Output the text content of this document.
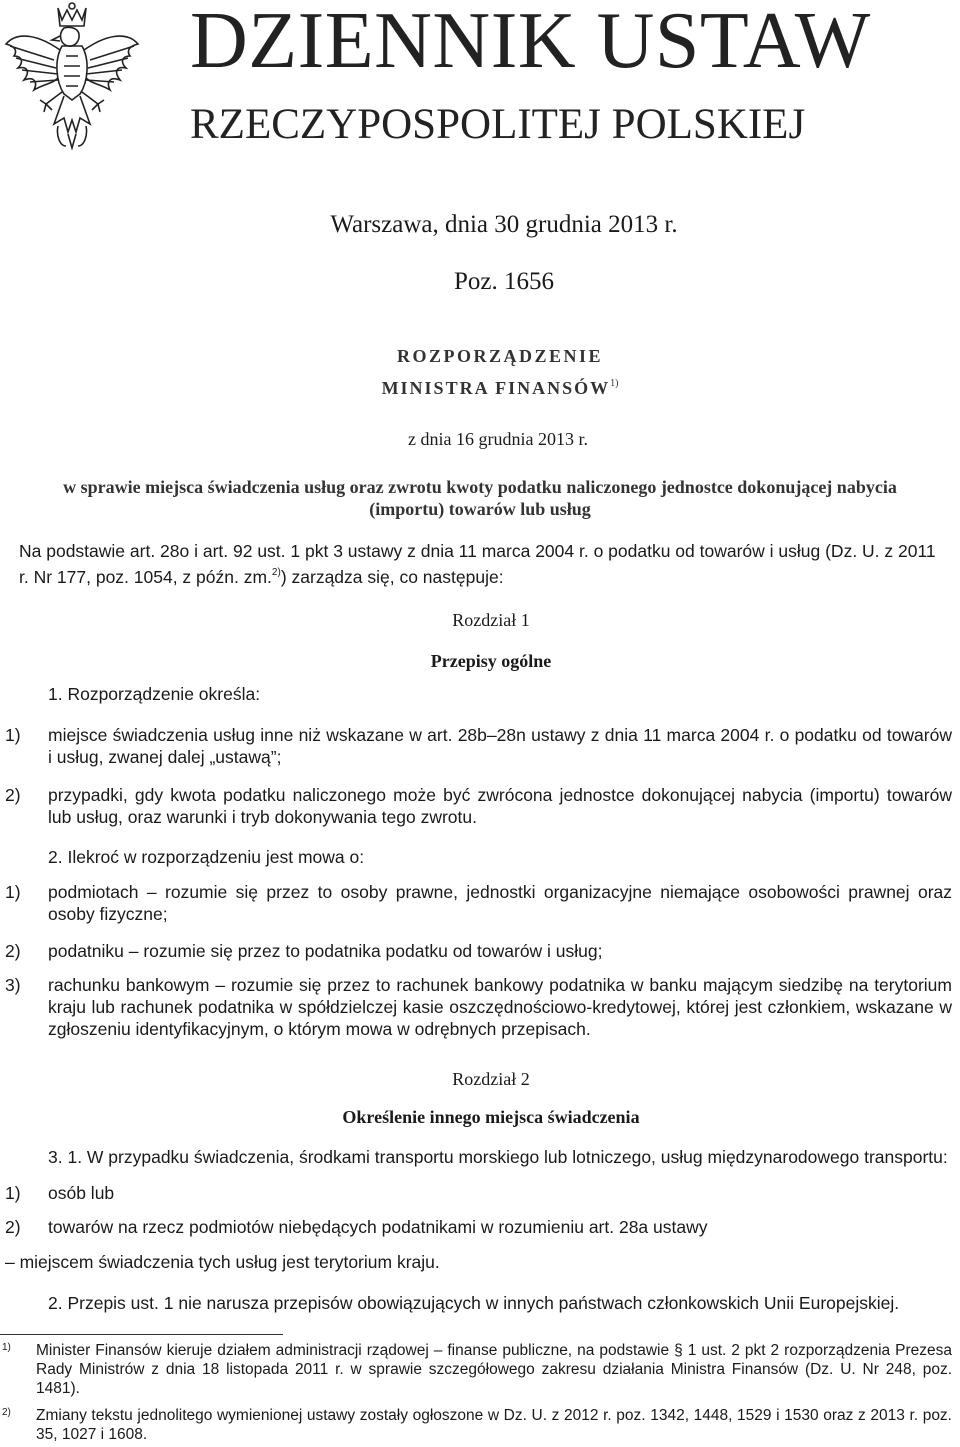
DZIENNIK USTAW
RZECZYPOSPOLITEJ POLSKIEJ
Warszawa, dnia 30 grudnia 2013 r.
Poz. 1656
ROZPORZĄDZENIE
MINISTRA FINANSÓW$^{1)}$
z dnia 16 grudnia 2013 r.
w sprawie miejsca świadczenia usług oraz zwrotu kwoty podatku naliczonego jednostce dokonującej nabycia (importu) towarów lub usług
Na podstawie art. 28o i art. 92 ust. 1 pkt 3 ustawy z dnia 11 marca 2004 r. o podatku od towarów i usług (Dz. U. z 2011 r. Nr 177, poz. 1054, z późn. zm.$^{2)}$) zarządza się, co następuje:
Rozdział 1
Przepisy ogólne
1. Rozporządzenie określa:
1) miejsce świadczenia usług inne niż wskazane w art. 28b–28n ustawy z dnia 11 marca 2004 r. o podatku od towarów i usług, zwanej dalej „ustawą”;
2) przypadki, gdy kwota podatku naliczonego może być zwrócona jednostce dokonującej nabycia (importu) towarów lub usług, oraz warunki i tryb dokonywania tego zwrotu.
2. Ilekroć w rozporządzeniu jest mowa o:
1) podmiotach – rozumie się przez to osoby prawne, jednostki organizacyjne niemające osobowości prawnej oraz osoby fizyczne;
2) podatniku – rozumie się przez to podatnika podatku od towarów i usług;
3) rachunku bankowym – rozumie się przez to rachunek bankowy podatnika w banku mającym siedzibę na terytorium kraju lub rachunek podatnika w spółdzielczej kasie oszczędnościowo-kredytowej, której jest członkiem, wskazane w zgłoszeniu identyfikacyjnym, o którym mowa w odrębnych przepisach.
Rozdział 2
Określenie innego miejsca świadczenia
3. 1. W przypadku świadczenia, środkami transportu morskiego lub lotniczego, usług międzynarodowego transportu:
1) osób lub
2) towarów na rzecz podmiotów niebędących podatnikami w rozumieniu art. 28a ustawy
– miejscem świadczenia tych usług jest terytorium kraju.
2. Przepis ust. 1 nie narusza przepisów obowiązujących w innych państwach członkowskich Unii Europejskiej.
1) Minister Finansów kieruje działem administracji rządowej – finanse publiczne, na podstawie § 1 ust. 2 pkt 2 rozporządzenia Prezesa Rady Ministrów z dnia 18 listopada 2011 r. w sprawie szczegółowego zakresu działania Ministra Finansów (Dz. U. Nr 248, poz. 1481).
2) Zmiany tekstu jednolitego wymienionej ustawy zostały ogłoszone w Dz. U. z 2012 r. poz. 1342, 1448, 1529 i 1530 oraz z 2013 r. poz. 35, 1027 i 1608.
